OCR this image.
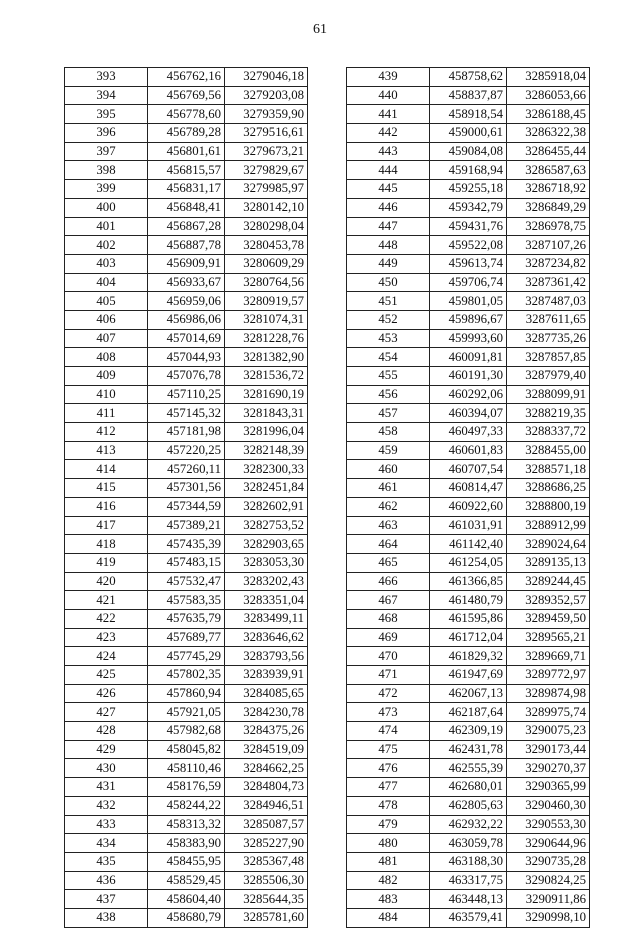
61
393	456762,16	3279046,18
394	456769,56	3279203,08
395	456778,60	3279359,90
396	456789,28	3279516,61
397	456801,61	3279673,21
398	456815,57	3279829,67
399	456831,17	3279985,97
400	456848,41	3280142,10
401	456867,28	3280298,04
402	456887,78	3280453,78
403	456909,91	3280609,29
404	456933,67	3280764,56
405	456959,06	3280919,57
406	456986,06	3281074,31
407	457014,69	3281228,76
408	457044,93	3281382,90
409	457076,78	3281536,72
410	457110,25	3281690,19
411	457145,32	3281843,31
412	457181,98	3281996,04
413	457220,25	3282148,39
414	457260,11	3282300,33
415	457301,56	3282451,84
416	457344,59	3282602,91
417	457389,21	3282753,52
418	457435,39	3282903,65
419	457483,15	3283053,30
420	457532,47	3283202,43
421	457583,35	3283351,04
422	457635,79	3283499,11
423	457689,77	3283646,62
424	457745,29	3283793,56
425	457802,35	3283939,91
426	457860,94	3284085,65
427	457921,05	3284230,78
428	457982,68	3284375,26
429	458045,82	3284519,09
430	458110,46	3284662,25
431	458176,59	3284804,73
432	458244,22	3284946,51
433	458313,32	3285087,57
434	458383,90	3285227,90
435	458455,95	3285367,48
436	458529,45	3285506,30
437	458604,40	3285644,35
438	458680,79	3285781,60
439	458758,62	3285918,04
440	458837,87	3286053,66
441	458918,54	3286188,45
442	459000,61	3286322,38
443	459084,08	3286455,44
444	459168,94	3286587,63
445	459255,18	3286718,92
446	459342,79	3286849,29
447	459431,76	3286978,75
448	459522,08	3287107,26
449	459613,74	3287234,82
450	459706,74	3287361,42
451	459801,05	3287487,03
452	459896,67	3287611,65
453	459993,60	3287735,26
454	460091,81	3287857,85
455	460191,30	3287979,40
456	460292,06	3288099,91
457	460394,07	3288219,35
458	460497,33	3288337,72
459	460601,83	3288455,00
460	460707,54	3288571,18
461	460814,47	3288686,25
462	460922,60	3288800,19
463	461031,91	3288912,99
464	461142,40	3289024,64
465	461254,05	3289135,13
466	461366,85	3289244,45
467	461480,79	3289352,57
468	461595,86	3289459,50
469	461712,04	3289565,21
470	461829,32	3289669,71
471	461947,69	3289772,97
472	462067,13	3289874,98
473	462187,64	3289975,74
474	462309,19	3290075,23
475	462431,78	3290173,44
476	462555,39	3290270,37
477	462680,01	3290365,99
478	462805,63	3290460,30
479	462932,22	3290553,30
480	463059,78	3290644,96
481	463188,30	3290735,28
482	463317,75	3290824,25
483	463448,13	3290911,86
484	463579,41	3290998,10
